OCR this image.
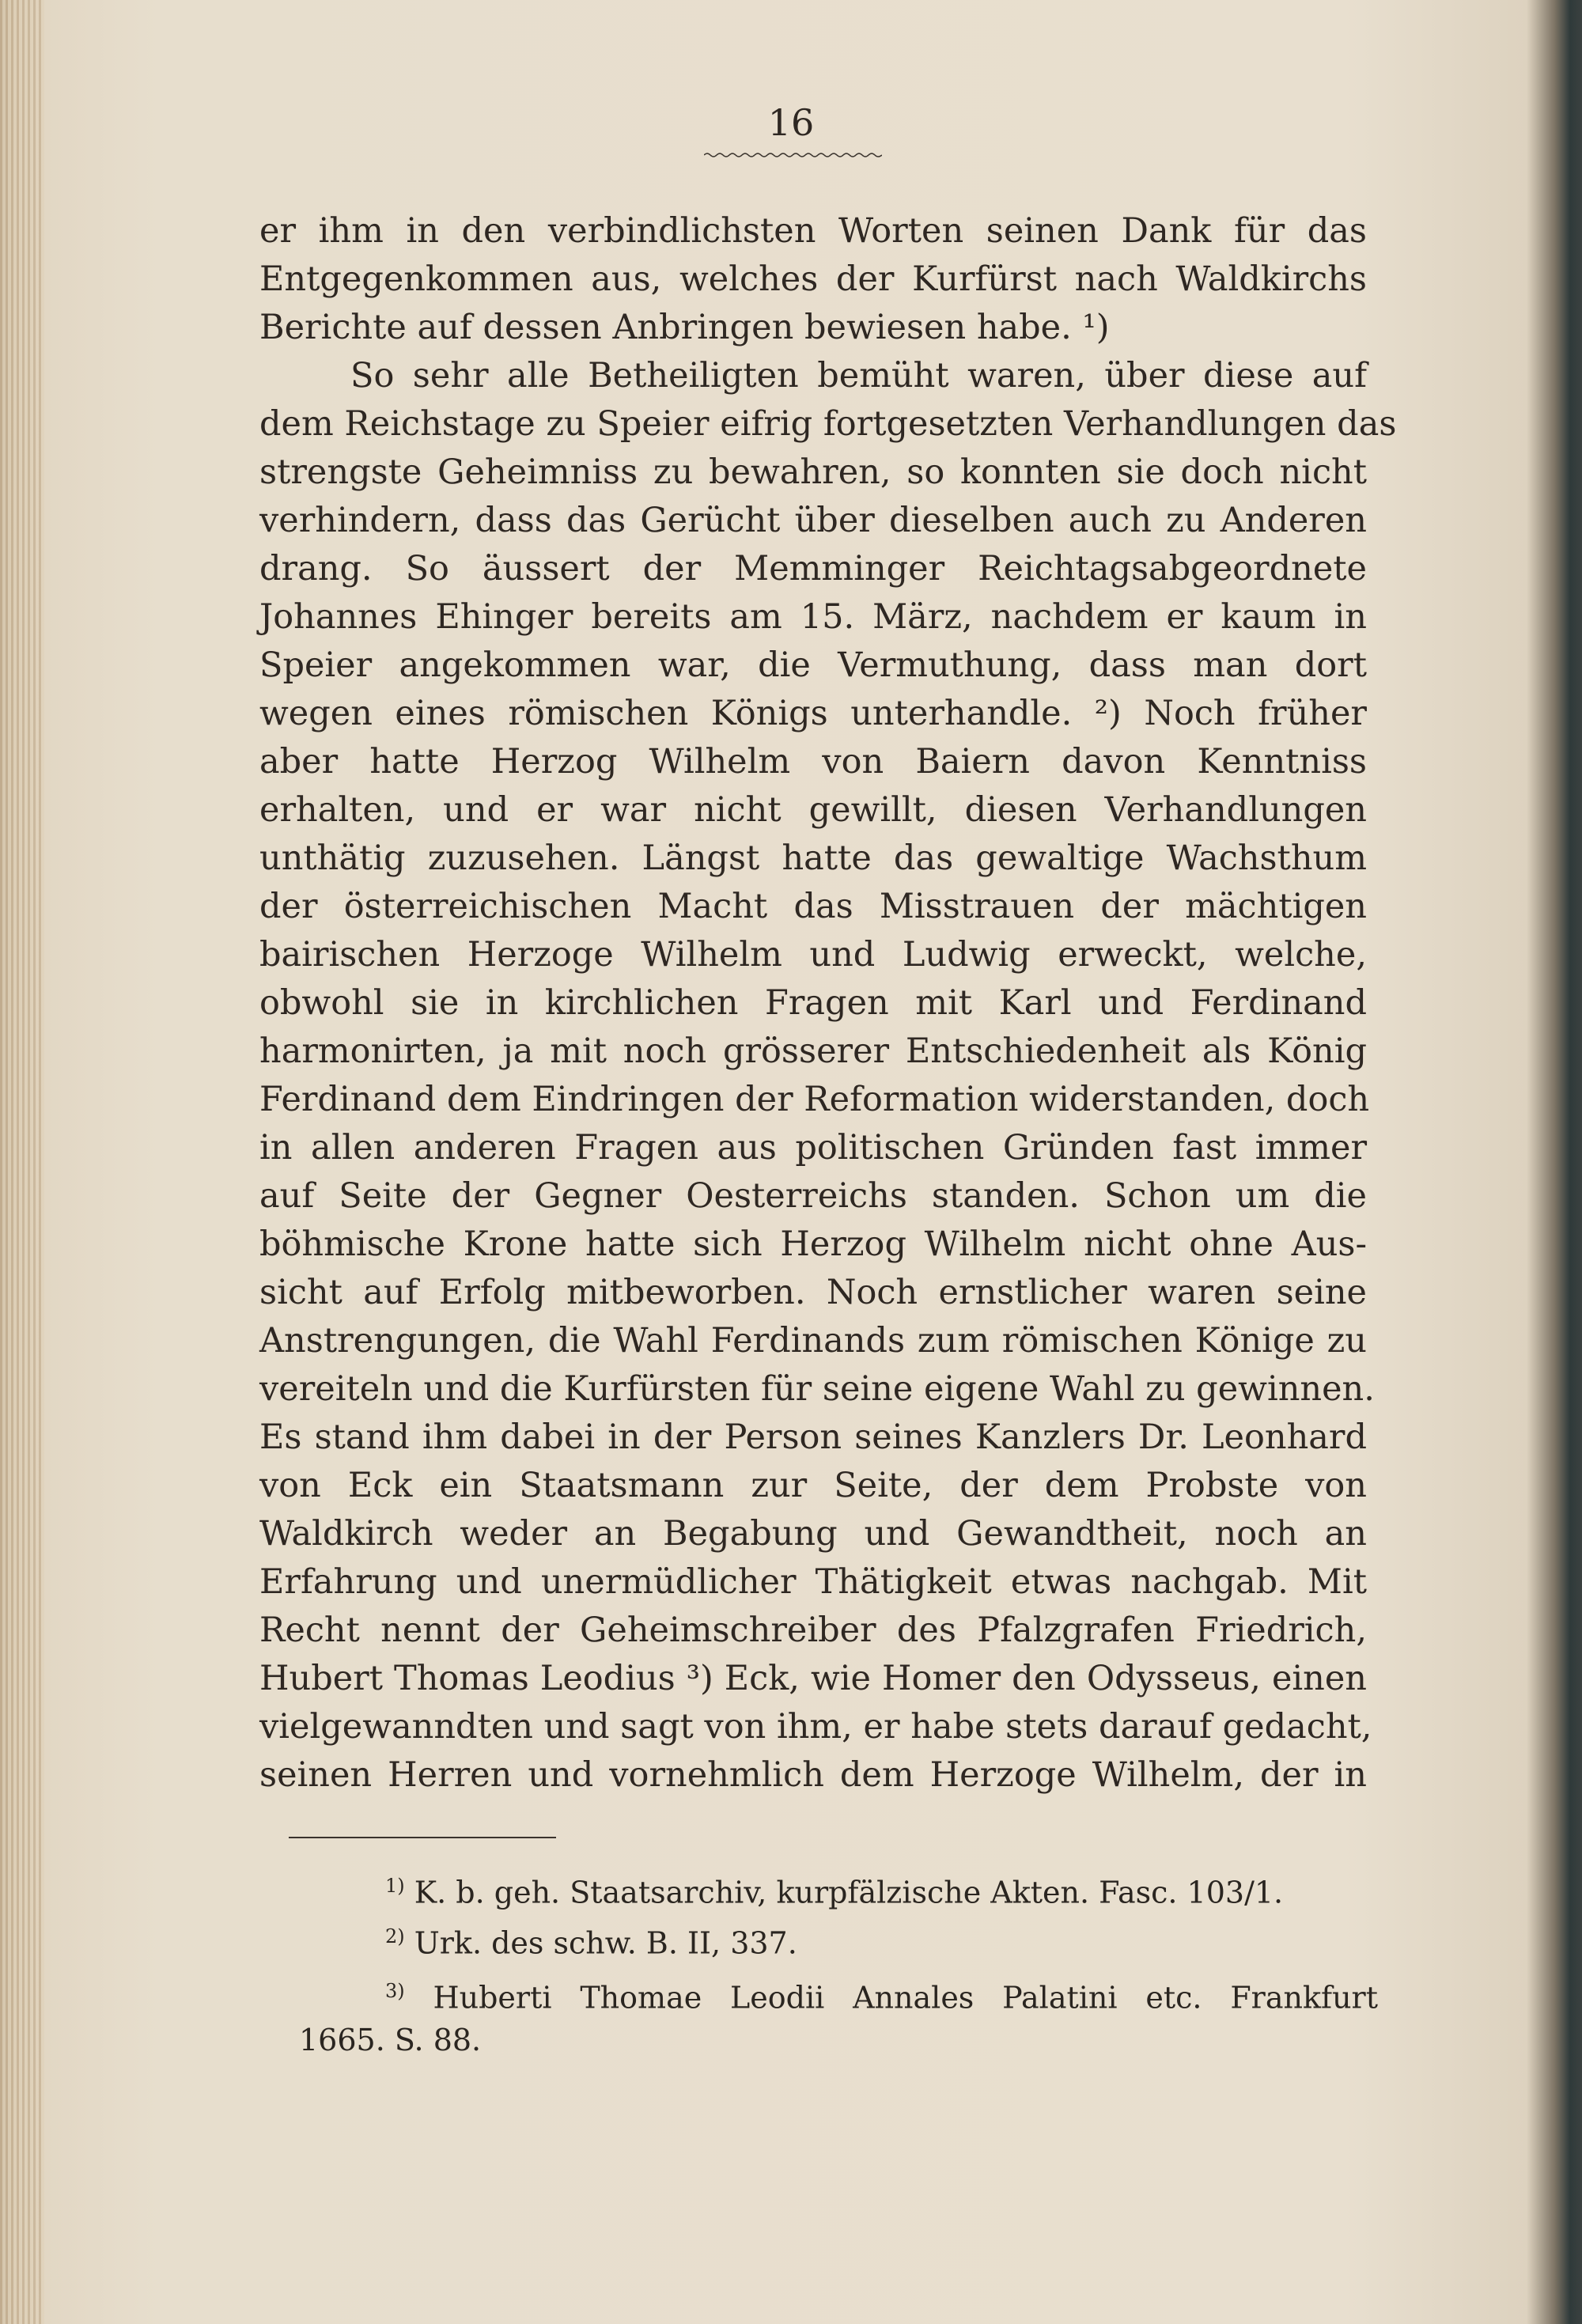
16
er ihm in den verbindlichsten Worten seinen Dank für das
Entgegenkommen aus, welches der Kurfürst nach Waldkirchs
Berichte auf dessen Anbringen bewiesen habe. ¹)
So sehr alle Betheiligten bemüht waren, über diese auf
dem Reichstage zu Speier eifrig fortgesetzten Verhandlungen das
strengste Geheimniss zu bewahren, so konnten sie doch nicht
verhindern, dass das Gerücht über dieselben auch zu Anderen
drang. So äussert der Memminger Reichtagsabgeordnete
Johannes Ehinger bereits am 15. März, nachdem er kaum in
Speier angekommen war, die Vermuthung, dass man dort
wegen eines römischen Königs unterhandle. ²) Noch früher
aber hatte Herzog Wilhelm von Baiern davon Kenntniss
erhalten, und er war nicht gewillt, diesen Verhandlungen
unthätig zuzusehen. Längst hatte das gewaltige Wachsthum
der österreichischen Macht das Misstrauen der mächtigen
bairischen Herzoge Wilhelm und Ludwig erweckt, welche,
obwohl sie in kirchlichen Fragen mit Karl und Ferdinand
harmonirten, ja mit noch grösserer Entschiedenheit als König
Ferdinand dem Eindringen der Reformation widerstanden, doch
in allen anderen Fragen aus politischen Gründen fast immer
auf Seite der Gegner Oesterreichs standen. Schon um die
böhmische Krone hatte sich Herzog Wilhelm nicht ohne Aus-
sicht auf Erfolg mitbeworben. Noch ernstlicher waren seine
Anstrengungen, die Wahl Ferdinands zum römischen Könige zu
vereiteln und die Kurfürsten für seine eigene Wahl zu gewinnen.
Es stand ihm dabei in der Person seines Kanzlers Dr. Leonhard
von Eck ein Staatsmann zur Seite, der dem Probste von
Waldkirch weder an Begabung und Gewandtheit, noch an
Erfahrung und unermüdlicher Thätigkeit etwas nachgab. Mit
Recht nennt der Geheimschreiber des Pfalzgrafen Friedrich,
Hubert Thomas Leodius ³) Eck, wie Homer den Odysseus, einen
vielgewanndten und sagt von ihm, er habe stets darauf gedacht,
seinen Herren und vornehmlich dem Herzoge Wilhelm, der in
$^{1)}$ K. b. geh. Staatsarchiv, kurpfälzische Akten. Fasc. 103/1.
$^{2)}$ Urk. des schw. B. II, 337.
$^{3)}$ Huberti Thomae Leodii Annales Palatini etc. Frankfurt
1665. S. 88.
